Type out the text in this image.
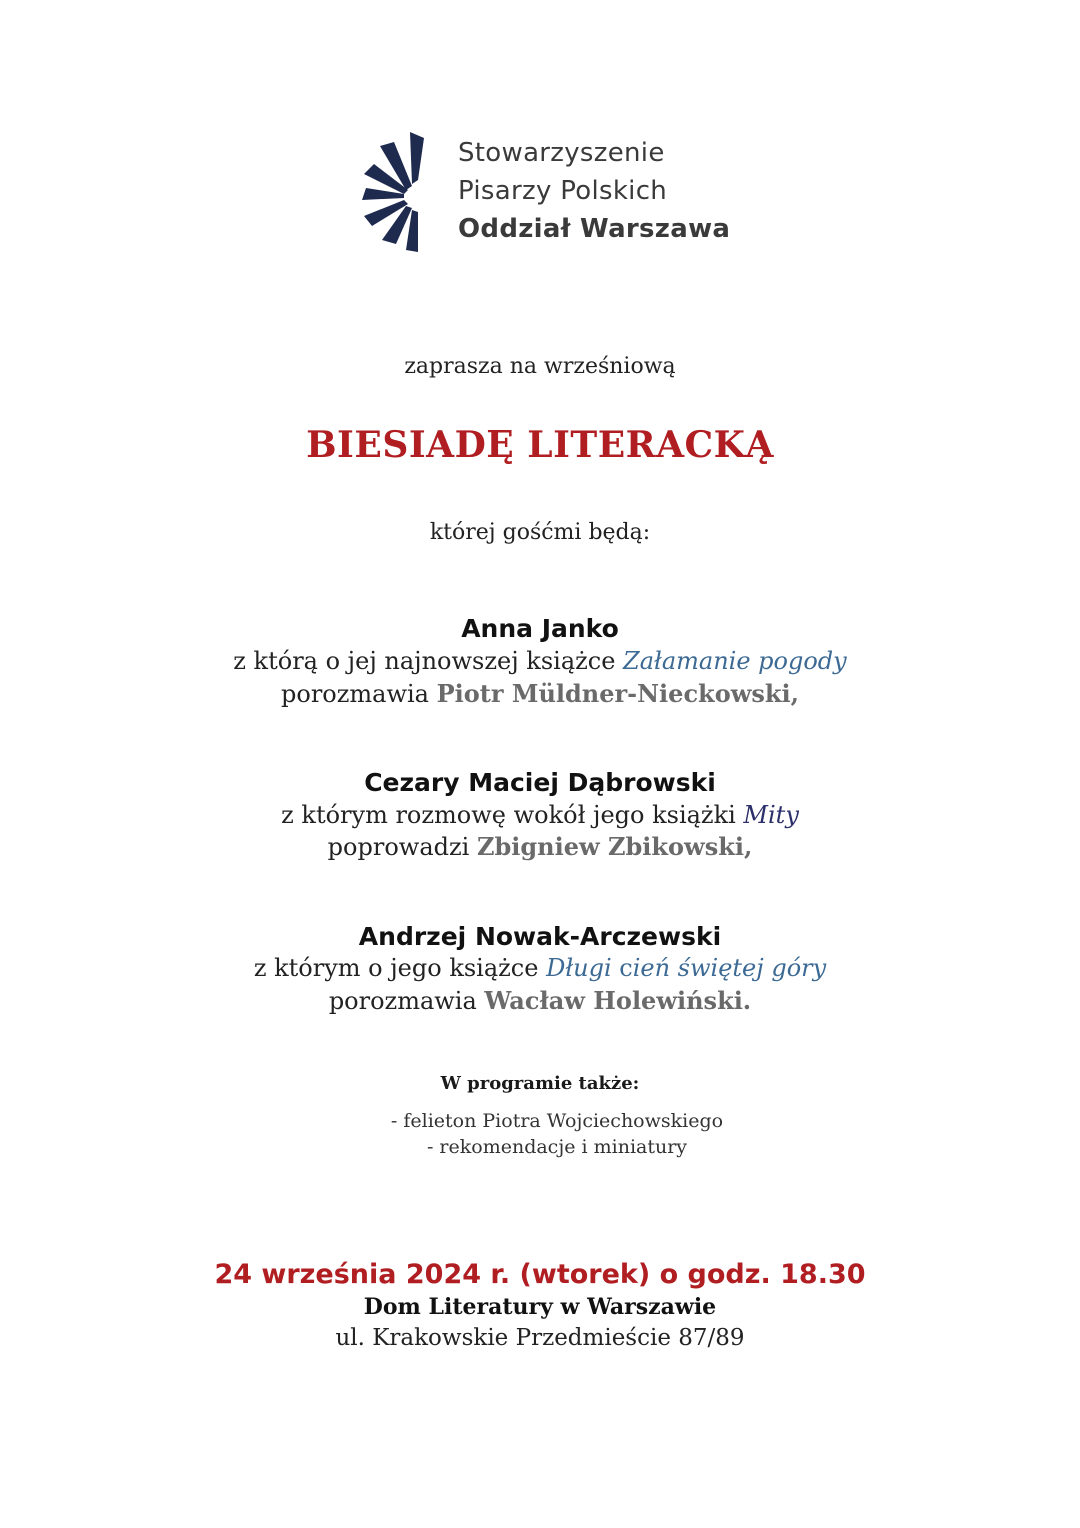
Stowarzyszenie
Pisarzy Polskich
Oddział Warszawa
zaprasza na wrześniową
BIESIADĘ LITERACKĄ
której gośćmi będą:
Anna Janko
z którą o jej najnowszej książce Załamanie pogody
porozmawia Piotr Müldner-Nieckowski,
Cezary Maciej Dąbrowski
z którym rozmowę wokół jego książki Mity
poprowadzi Zbigniew Zbikowski,
Andrzej Nowak-Arczewski
z którym o jego książce Długi cień świętej góry
porozmawia Wacław Holewiński.
W programie także:
- felieton Piotra Wojciechowskiego
- rekomendacje i miniatury
24 września 2024 r. (wtorek) o godz. 18.30
Dom Literatury w Warszawie
ul. Krakowskie Przedmieście 87/89
